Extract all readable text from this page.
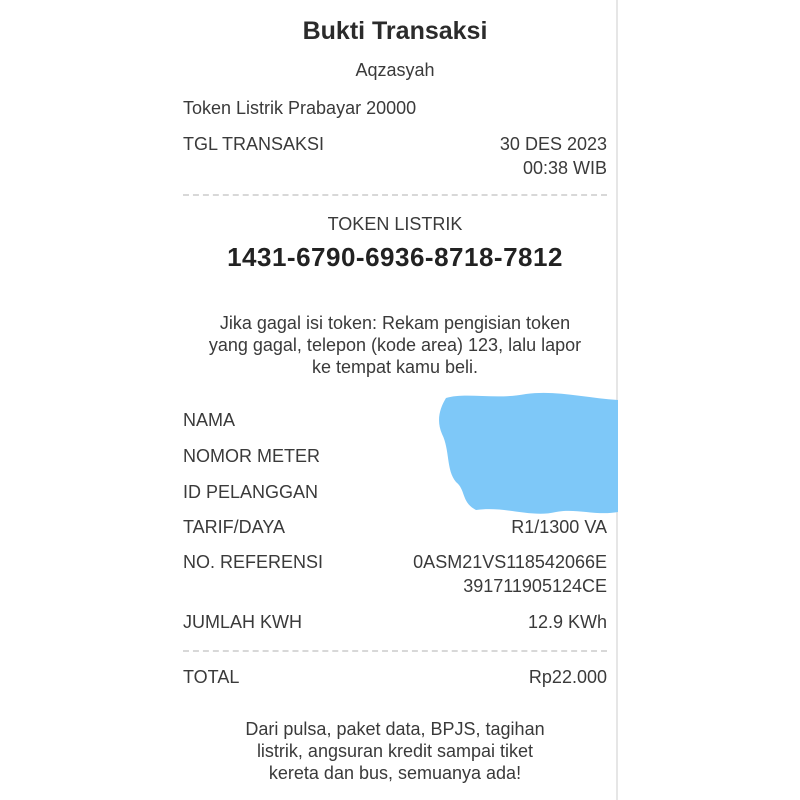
Bukti Transaksi
Aqzasyah
Token Listrik Prabayar 20000
TGL TRANSAKSI	30 DES 2023
00:38 WIB
TOKEN LISTRIK
1431-6790-6936-8718-7812
Jika gagal isi token: Rekam pengisian token
yang gagal, telepon (kode area) 123, lalu lapor
ke tempat kamu beli.
NAMA
NOMOR METER
ID PELANGGAN
TARIF/DAYA	R1/1300 VA
NO. REFERENSI	0ASM21VS118542066E
391711905124CE
JUMLAH KWH	12.9 KWh
TOTAL	Rp22.000
Dari pulsa, paket data, BPJS, tagihan
listrik, angsuran kredit sampai tiket
kereta dan bus, semuanya ada!
